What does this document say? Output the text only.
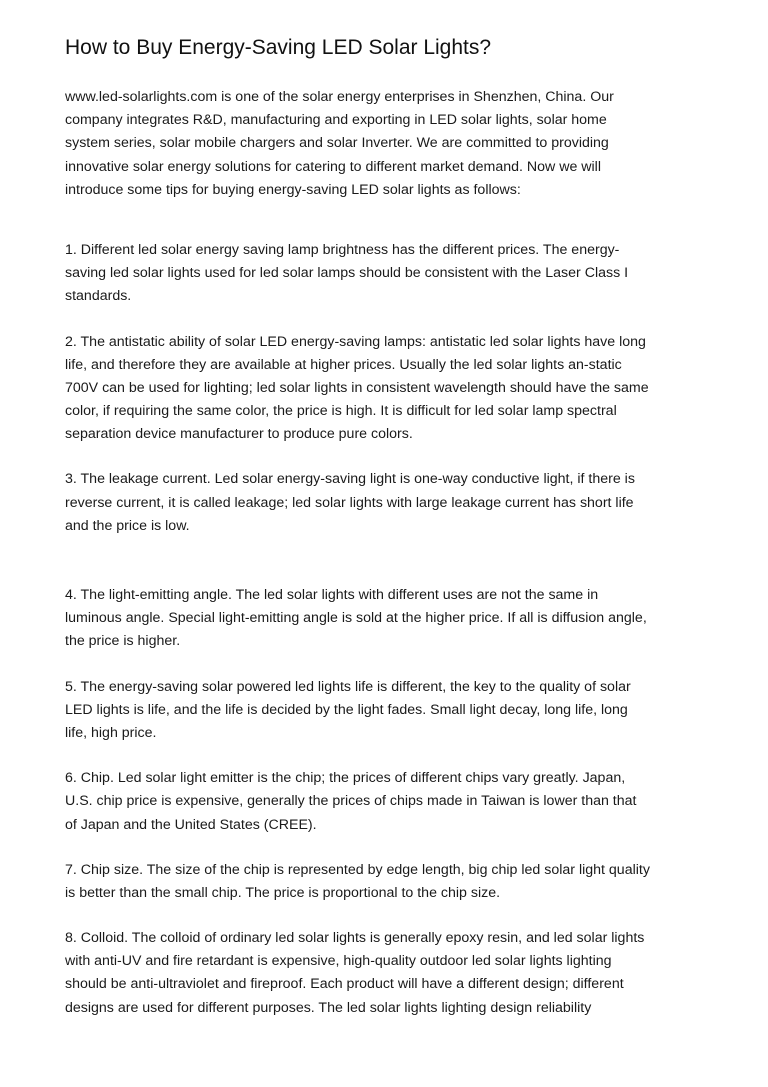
How to Buy Energy-Saving LED Solar Lights?

www.led-solarlights.com is one of the solar energy enterprises in Shenzhen, China. Our
company integrates R&D, manufacturing and exporting in LED solar lights, solar home
system series, solar mobile chargers and solar Inverter. We are committed to providing
innovative solar energy solutions for catering to different market demand. Now we will
introduce some tips for buying energy-saving LED solar lights as follows:

1. Different led solar energy saving lamp brightness has the different prices. The energy-
saving led solar lights used for led solar lamps should be consistent with the Laser Class I
standards.

2. The antistatic ability of solar LED energy-saving lamps: antistatic led solar lights have long
life, and therefore they are available at higher prices. Usually the led solar lights an-static
700V can be used for lighting; led solar lights in consistent wavelength should have the same
color, if requiring the same color, the price is high. It is difficult for led solar lamp spectral
separation device manufacturer to produce pure colors.

3. The leakage current. Led solar energy-saving light is one-way conductive light, if there is
reverse current, it is called leakage; led solar lights with large leakage current has short life
and the price is low.

4. The light-emitting angle. The led solar lights with different uses are not the same in
luminous angle. Special light-emitting angle is sold at the higher price. If all is diffusion angle,
the price is higher.

5. The energy-saving solar powered led lights life is different, the key to the quality of solar
LED lights is life, and the life is decided by the light fades. Small light decay, long life, long
life, high price.

6. Chip. Led solar light emitter is the chip; the prices of different chips vary greatly. Japan,
U.S. chip price is expensive, generally the prices of chips made in Taiwan is lower than that
of Japan and the United States (CREE).

7. Chip size. The size of the chip is represented by edge length, big chip led solar light quality
is better than the small chip. The price is proportional to the chip size.

8. Colloid. The colloid of ordinary led solar lights is generally epoxy resin, and led solar lights
with anti-UV and fire retardant is expensive, high-quality outdoor led solar lights lighting
should be anti-ultraviolet and fireproof. Each product will have a different design; different
designs are used for different purposes. The led solar lights lighting design reliability
